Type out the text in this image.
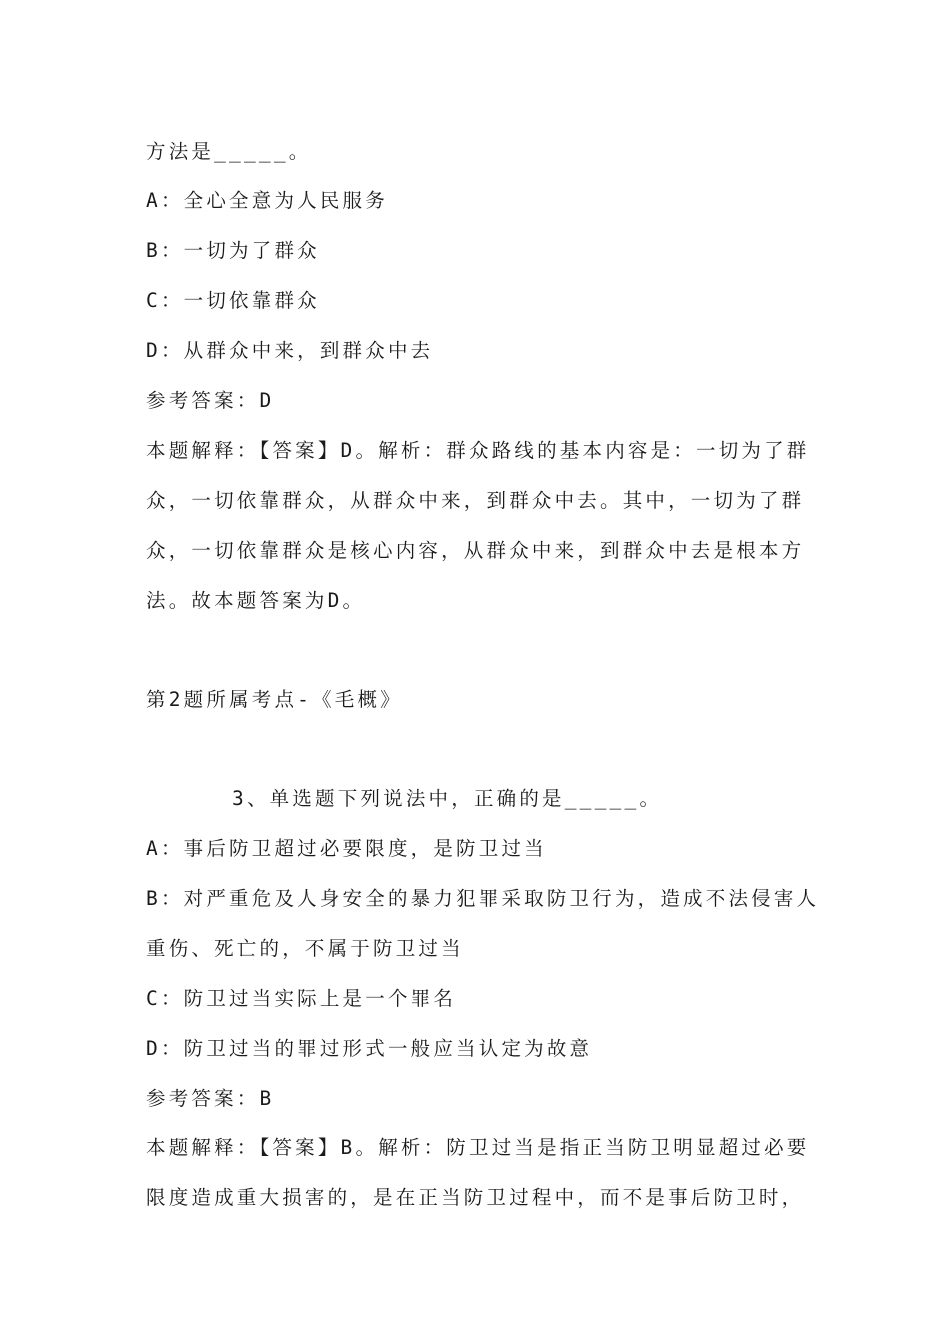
方法是_____。
A：全心全意为人民服务
B：一切为了群众
C：一切依靠群众
D：从群众中来，到群众中去
参考答案：D
本题解释：【答案】D。解析：群众路线的基本内容是：一切为了群
众，一切依靠群众，从群众中来，到群众中去。其中，一切为了群
众，一切依靠群众是核心内容，从群众中来，到群众中去是根本方
法。故本题答案为D。
第2题所属考点-《毛概》
3、单选题下列说法中，正确的是_____。
A：事后防卫超过必要限度，是防卫过当
B：对严重危及人身安全的暴力犯罪采取防卫行为，造成不法侵害人
重伤、死亡的，不属于防卫过当
C：防卫过当实际上是一个罪名
D：防卫过当的罪过形式一般应当认定为故意
参考答案：B
本题解释：【答案】B。解析：防卫过当是指正当防卫明显超过必要
限度造成重大损害的，是在正当防卫过程中，而不是事后防卫时，
